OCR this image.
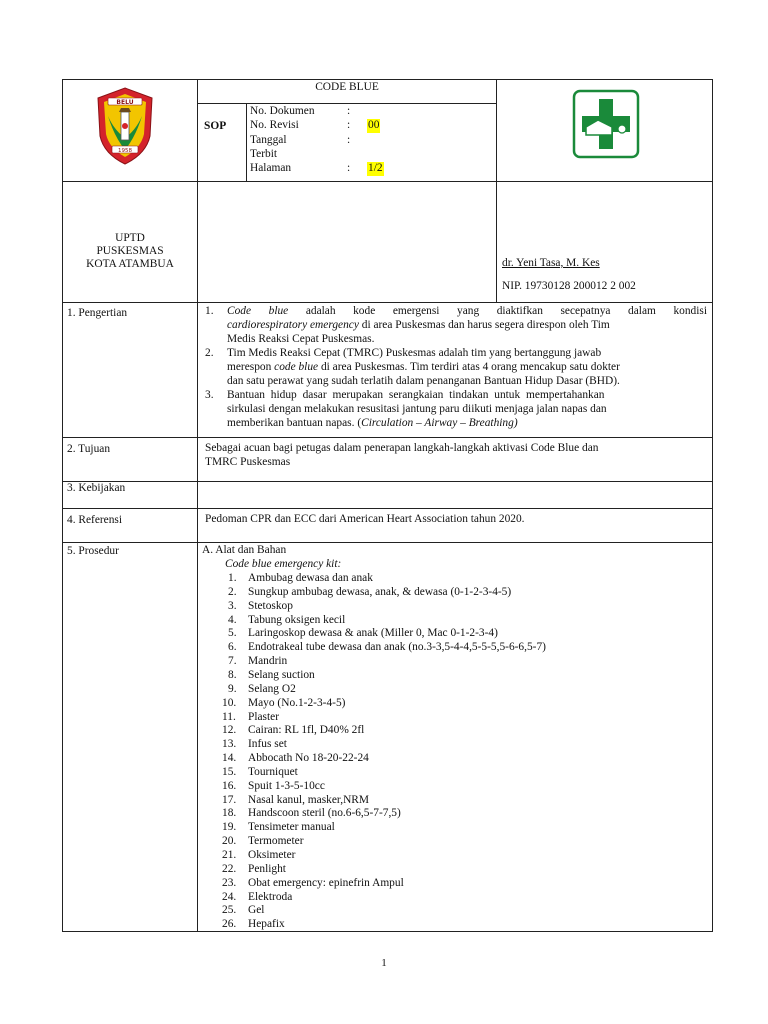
BELU
1958
CODE BLUE
SOP
No. Dokumen	:
No. Revisi	: 00
Tanggal	:
Terbit
Halaman	: 1/2
UPTD
PUSKESMAS
KOTA ATAMBUA	dr. Yeni Tasa, M. Kes
NIP. 19730128 200012 2 002
1. Pengertian	1. Code blue adalah kode emergensi yang diaktifkan secepatnya dalam kondisi
cardiorespiratory emergency di area Puskesmas dan harus segera direspon oleh Tim
Medis Reaksi Cepat Puskesmas.
2. Tim Medis Reaksi Cepat (TMRC) Puskesmas adalah tim yang bertanggung jawab
merespon code blue di area Puskesmas. Tim terdiri atas 4 orang mencakup satu dokter
dan satu perawat yang sudah terlatih dalam penanganan Bantuan Hidup Dasar (BHD).
3. Bantuan hidup dasar merupakan serangkaian tindakan untuk mempertahankan
sirkulasi dengan melakukan resusitasi jantung paru diikuti menjaga jalan napas dan
memberikan bantuan napas. (Circulation – Airway – Breathing)
2. Tujuan	Sebagai acuan bagi petugas dalam penerapan langkah-langkah aktivasi Code Blue dan
TMRC Puskesmas
3. Kebijakan
4. Referensi	Pedoman CPR dan ECC dari American Heart Association tahun 2020.
5. Prosedur	A. Alat dan Bahan
Code blue emergency kit:
1. Ambubag dewasa dan anak
2. Sungkup ambubag dewasa, anak, & dewasa (0-1-2-3-4-5)
3. Stetoskop
4. Tabung oksigen kecil
5. Laringoskop dewasa & anak (Miller 0, Mac 0-1-2-3-4)
6. Endotrakeal tube dewasa dan anak (no.3-3,5-4-4,5-5-5,5-6-6,5-7)
7. Mandrin
8. Selang suction
9. Selang O2
10. Mayo (No.1-2-3-4-5)
11. Plaster
12. Cairan: RL 1fl, D40% 2fl
13. Infus set
14. Abbocath No 18-20-22-24
15. Tourniquet
16. Spuit 1-3-5-10cc
17. Nasal kanul, masker,NRM
18. Handscoon steril (no.6-6,5-7-7,5)
19. Tensimeter manual
20. Termometer
21. Oksimeter
22. Penlight
23. Obat emergency: epinefrin Ampul
24. Elektroda
25. Gel
26. Hepafix
1
